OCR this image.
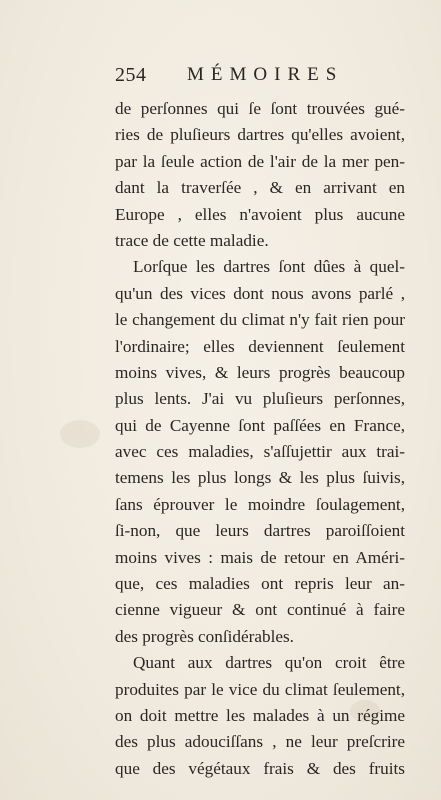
254 MÉMOIRES
de perſonnes qui ſe ſont trouvées gué-
ries de pluſieurs dartres qu'elles avoient,
par la ſeule action de l'air de la mer pen-
dant la traverſée , & en arrivant en
Europe , elles n'avoient plus aucune
trace de cette maladie.
Lorſque les dartres ſont dûes à quel-
qu'un des vices dont nous avons parlé ,
le changement du climat n'y fait rien pour
l'ordinaire; elles deviennent ſeulement
moins vives, & leurs progrès beaucoup
plus lents. J'ai vu pluſieurs perſonnes,
qui de Cayenne ſont paſſées en France,
avec ces maladies, s'aſſujettir aux trai-
temens les plus longs & les plus ſuivis,
ſans éprouver le moindre ſoulagement,
ſi-non, que leurs dartres paroiſſoient
moins vives : mais de retour en Améri-
que, ces maladies ont repris leur an-
cienne vigueur & ont continué à faire
des progrès conſidérables.
Quant aux dartres qu'on croit être
produites par le vice du climat ſeulement,
on doit mettre les malades à un régime
des plus adouciſſans , ne leur preſcrire
que des végétaux frais & des fruits
